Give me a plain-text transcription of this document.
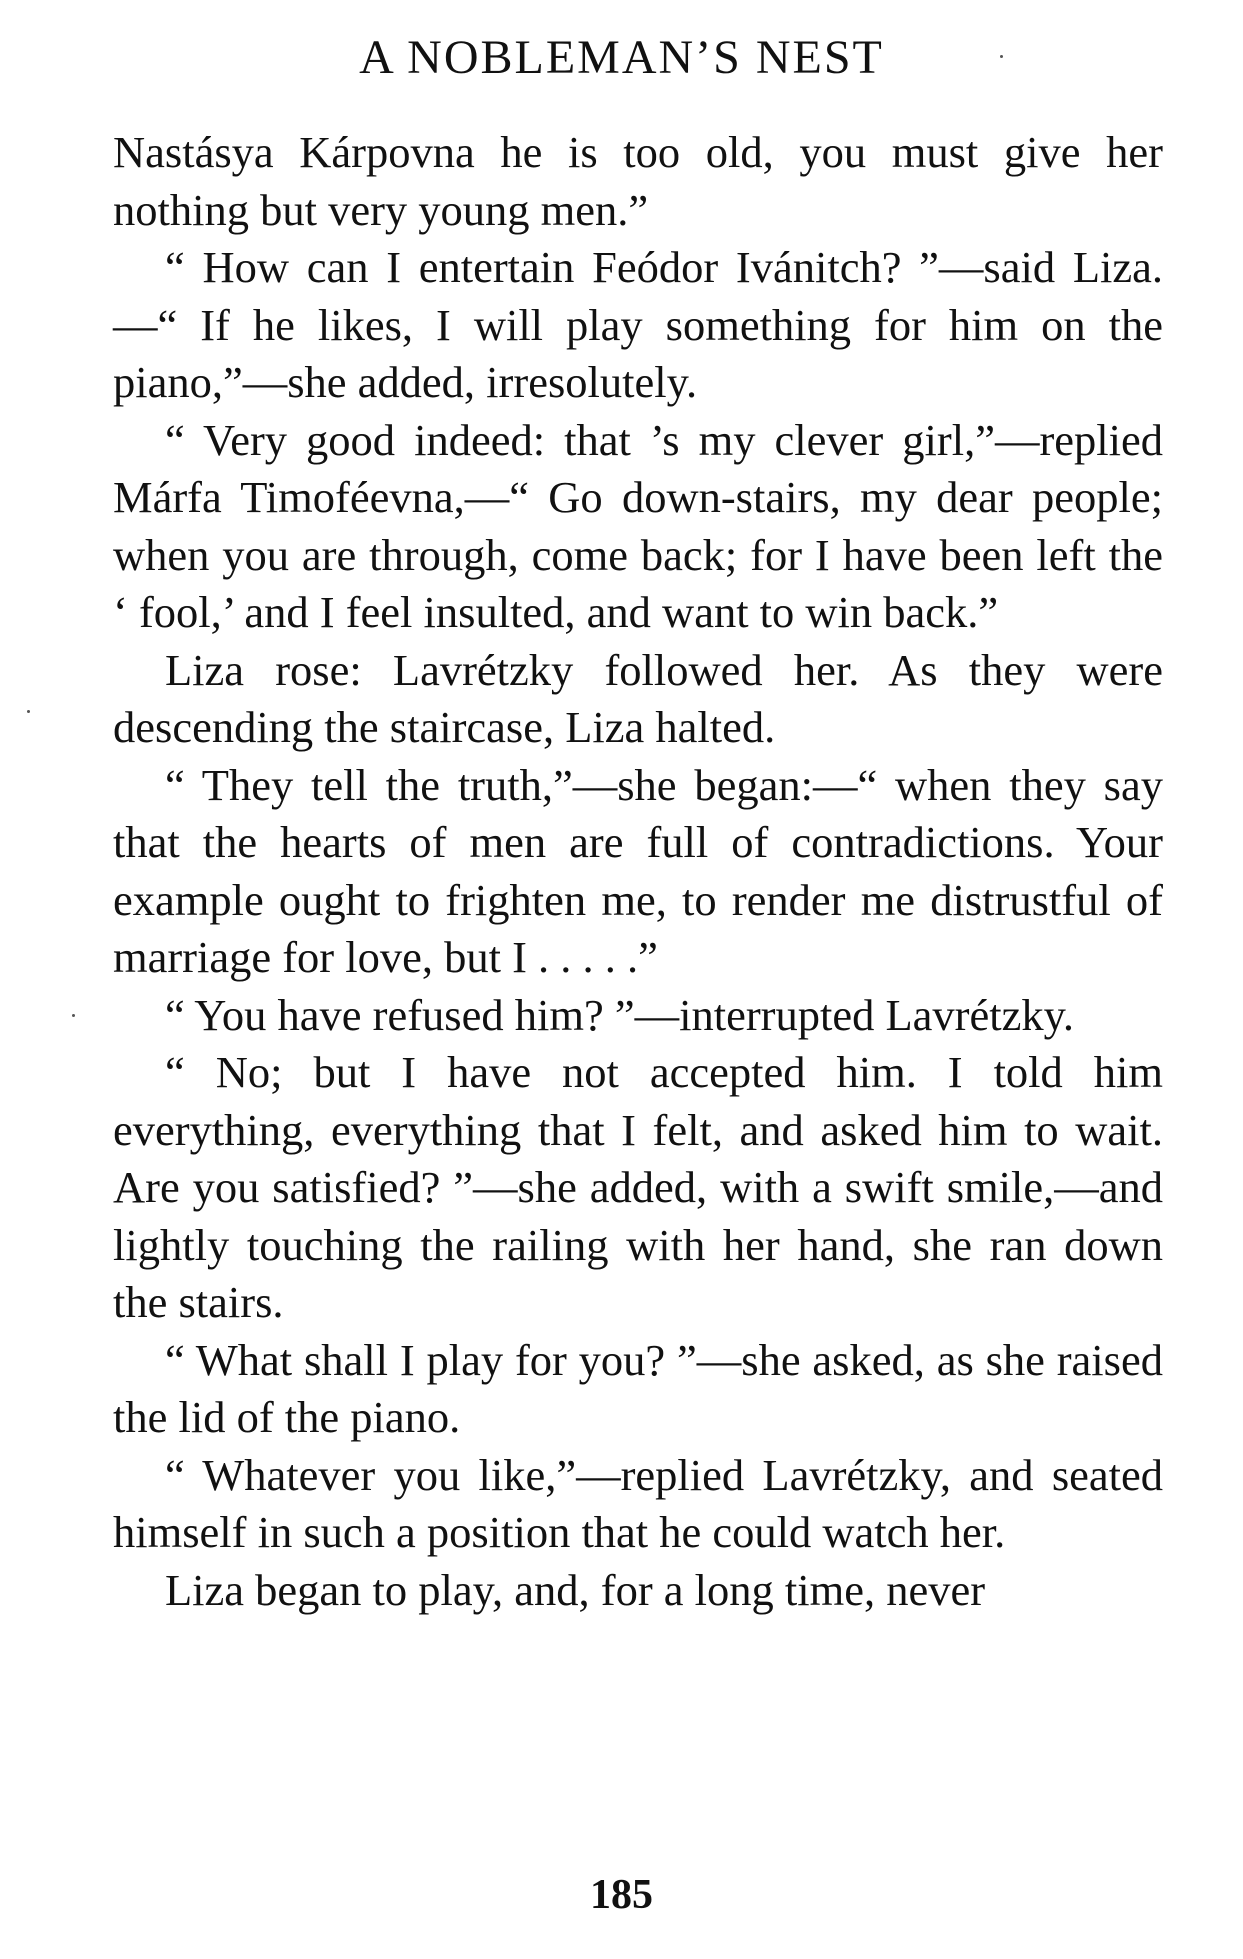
A NOBLEMAN’S NEST

Nastásya Kárpovna he is too old, you must give her nothing but very young men.”

“ How can I entertain Feódor Ivánitch? ”—said Liza.—“ If he likes, I will play something for him on the piano,”—she added, irresolutely.

“ Very good indeed: that ’s my clever girl,”—replied Márfa Timoféevna,—“ Go down-stairs, my dear people; when you are through, come back; for I have been left the ‘ fool,’ and I feel insulted, and want to win back.”

Liza rose: Lavrétzky followed her. As they were descending the staircase, Liza halted.

“ They tell the truth,”—she began:—“ when they say that the hearts of men are full of contradictions. Your example ought to frighten me, to render me distrustful of marriage for love, but I . . . . .”

“ You have refused him? ”—interrupted Lavrétzky.

“ No; but I have not accepted him. I told him everything, everything that I felt, and asked him to wait. Are you satisfied? ”—she added, with a swift smile,—and lightly touching the railing with her hand, she ran down the stairs.

“ What shall I play for you? ”—she asked, as she raised the lid of the piano.

“ Whatever you like,”—replied Lavrétzky, and seated himself in such a position that he could watch her.

Liza began to play, and, for a long time, never

185
